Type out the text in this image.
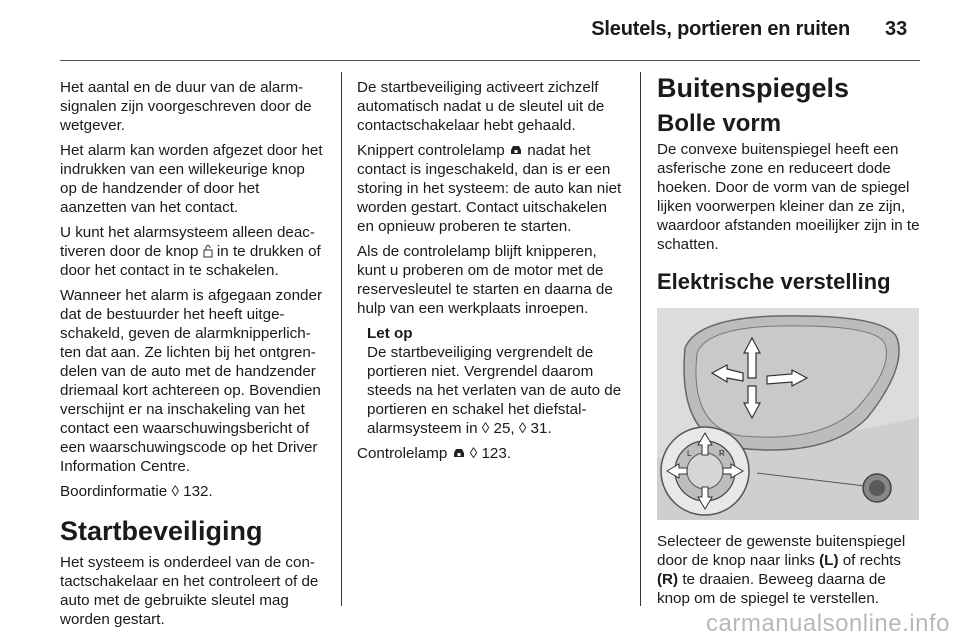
Sleutels, portieren en ruiten 33

Het aantal en de duur van de alarmsignalen zijn voorgeschreven door de wetgever.

Het alarm kan worden afgezet door het indrukken van een willekeurige knop op de handzender of door het aanzetten van het contact.

U kunt het alarmsysteem alleen deactiveren door de knop  in te drukken of door het contact in te schakelen.

Wanneer het alarm is afgegaan zonder dat de bestuurder het heeft uitgeschakeld, geven de alarmknipperlichten dat aan. Ze lichten bij het ontgrendelen van de auto met de handzender driemaal kort achtereen op. Bovendien verschijnt er na inschakeling van het contact een waarschuwingsbericht of een waarschuwingscode op het Driver Information Centre.

Boordinformatie ◊ 132.

Startbeveiliging

Het systeem is onderdeel van de contactschakelaar en het controleert of de auto met de gebruikte sleutel mag worden gestart.

De startbeveiliging activeert zichzelf automatisch nadat u de sleutel uit de contactschakelaar hebt gehaald.

Knippert controlelamp  nadat het contact is ingeschakeld, dan is er een storing in het systeem: de auto kan niet worden gestart. Contact uitschakelen en opnieuw proberen te starten.

Als de controlelamp blijft knipperen, kunt u proberen om de motor met de reservesleutel te starten en daarna de hulp van een werkplaats inroepen.

Let op

De startbeveiliging vergrendelt de portieren niet. Vergrendel daarom steeds na het verlaten van de auto de portieren en schakel het diefstalalarmsysteem in ◊ 25, ◊ 31.

Controlelamp  ◊ 123.

Buitenspiegels
Bolle vorm

De convexe buitenspiegel heeft een asferische zone en reduceert dode hoeken. Door de vorm van de spiegel lijken voorwerpen kleiner dan ze zijn, waardoor afstanden moeilijker zijn in te schatten.

Elektrische verstelling
L	R

Selecteer de gewenste buitenspiegel door de knop naar links (L) of rechts (R) te draaien. Beweeg daarna de knop om de spiegel te verstellen.

carmanualsonline.info
